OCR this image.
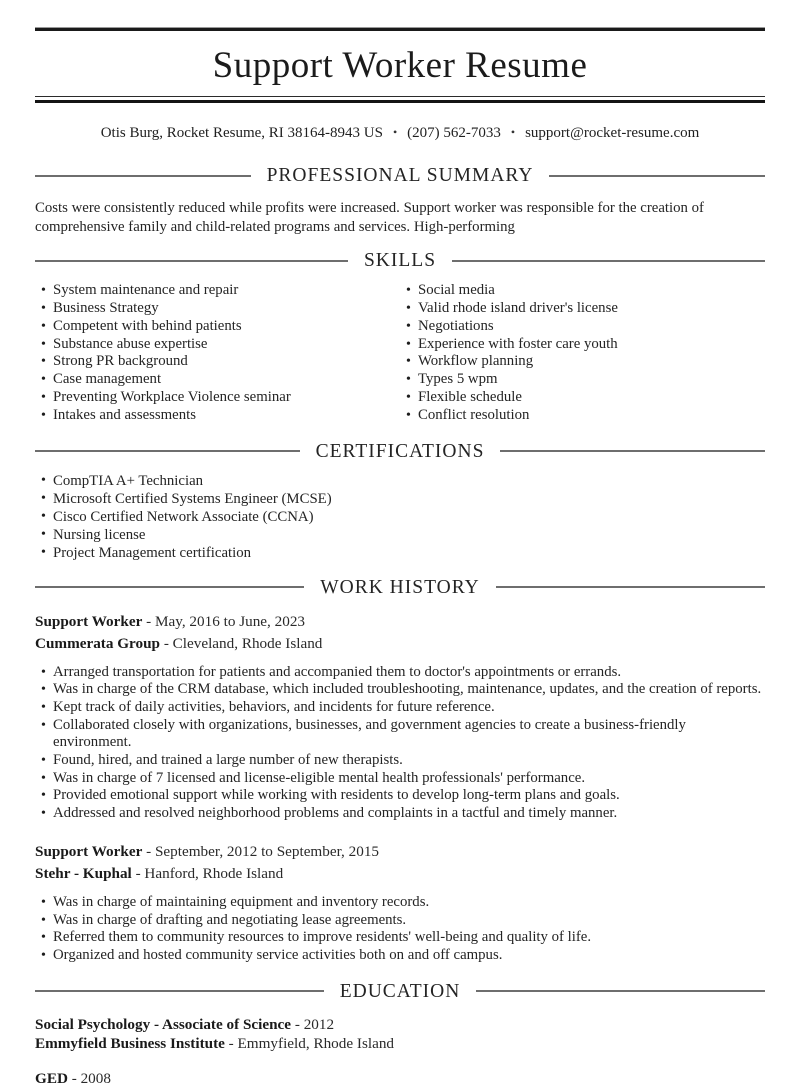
Support Worker Resume
Otis Burg, Rocket Resume, RI 38164-8943 US • (207) 562-7033 • support@rocket-resume.com
PROFESSIONAL SUMMARY

Costs were consistently reduced while profits were increased. Support worker was responsible for the creation of comprehensive family and child-related programs and services. High-performing

SKILLS
• System maintenance and repair
• Business Strategy
• Competent with behind patients
• Substance abuse expertise
• Strong PR background
• Case management
• Preventing Workplace Violence seminar
• Intakes and assessments
• Social media
• Valid rhode island driver's license
• Negotiations
• Experience with foster care youth
• Workflow planning
• Types 5 wpm
• Flexible schedule
• Conflict resolution
CERTIFICATIONS
• CompTIA A+ Technician
• Microsoft Certified Systems Engineer (MCSE)
• Cisco Certified Network Associate (CCNA)
• Nursing license
• Project Management certification
WORK HISTORY
Support Worker - May, 2016 to June, 2023
Cummerata Group - Cleveland, Rhode Island
• Arranged transportation for patients and accompanied them to doctor's appointments or errands.
• Was in charge of the CRM database, which included troubleshooting, maintenance, updates, and the creation of reports.
• Kept track of daily activities, behaviors, and incidents for future reference.
• Collaborated closely with organizations, businesses, and government agencies to create a business-friendly environment.
• Found, hired, and trained a large number of new therapists.
• Was in charge of 7 licensed and license-eligible mental health professionals' performance.
• Provided emotional support while working with residents to develop long-term plans and goals.
• Addressed and resolved neighborhood problems and complaints in a tactful and timely manner.
Support Worker - September, 2012 to September, 2015
Stehr - Kuphal - Hanford, Rhode Island
• Was in charge of maintaining equipment and inventory records.
• Was in charge of drafting and negotiating lease agreements.
• Referred them to community resources to improve residents' well-being and quality of life.
• Organized and hosted community service activities both on and off campus.
EDUCATION
Social Psychology - Associate of Science - 2012
Emmyfield Business Institute - Emmyfield, Rhode Island
GED - 2008
